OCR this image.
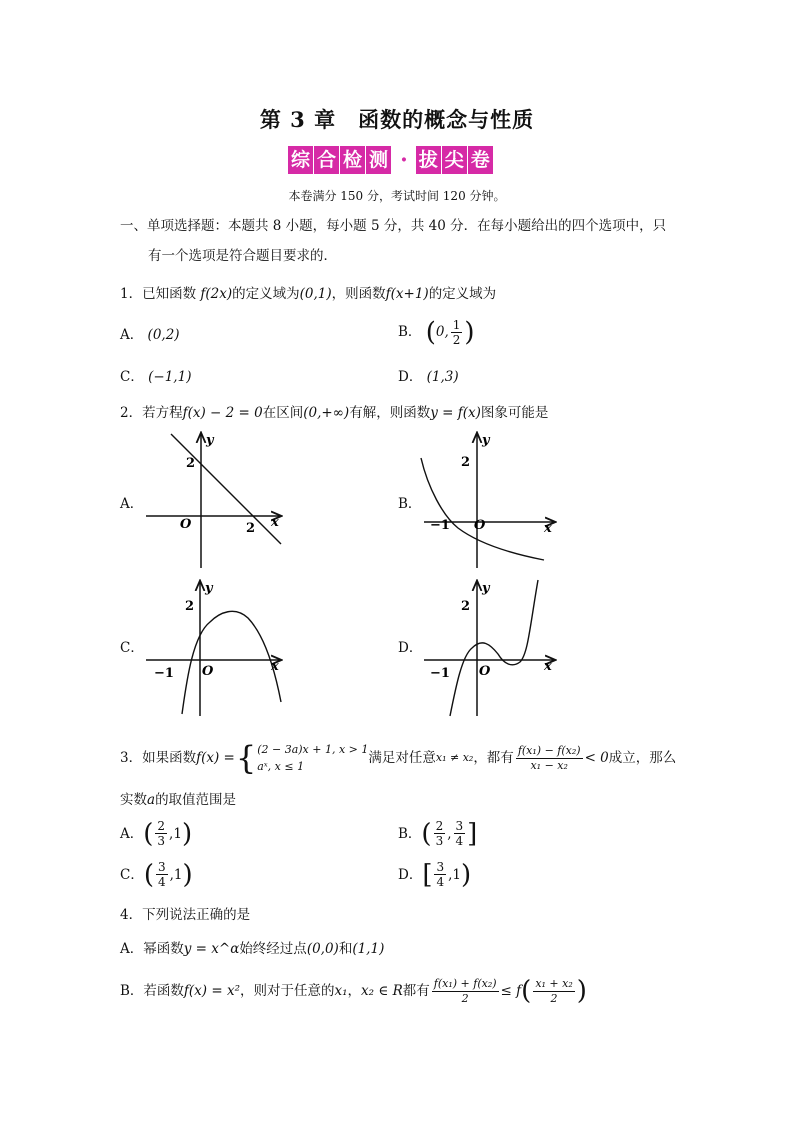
第 3 章　函数的概念与性质
综 合 检 测 · 拔 尖 卷
本卷满分 150 分，考试时间 120 分钟。
一、单项选择题：本题共 8 小题，每小题 5 分，共 40 分．在每小题给出的四个选项中，只
有一个选项是符合题目要求的．
1．已知函数 f(2x)的定义域为(0,1)，则函数f(x+1)的定义域为
A． (0,2)	B． (0, $\frac{1}{2}$ )
C． (−1,1)	D． (1,3)
2．若方程f(x) − 2 = 0在区间(0,+∞)有解，则函数y = f(x)图象可能是
A．	B．
C．	D．
y
x
O
2
2
y
x
O
2
−1
y
x
O
2
−1
y
x
O
2
−1
3． 如果函数 f(x) = { (2 − 3a)x + 1, x > 1
aˣ, x ≤ 1
满足对任意 x₁ ≠ x₂ ，都有 $\frac{\text{f(x₁) − f(x₂)}}{\text{x₁ − x₂}} < 0$ 成立，那么
实数a的取值范围是
A． ( $\frac{2}{3} ,1$ )	B． ( $\frac{2}{3}$ , $\frac{3}{4}$ ]
C． ( $\frac{3}{4} ,1$ )	D． [ $\frac{3}{4} ,1$ )
4．下列说法正确的是
A．幂函数y = x^α始终经过点(0,0)和(1,1)
B． 若函数 f(x) = x² ，则对于任意的 x₁ ， x₂ ∈ R 都有 $\frac{\text{f(x₁) + f(x₂)}}{2} \le f$ ( $\frac{\text{x₁ + x₂}}{2}$ )
